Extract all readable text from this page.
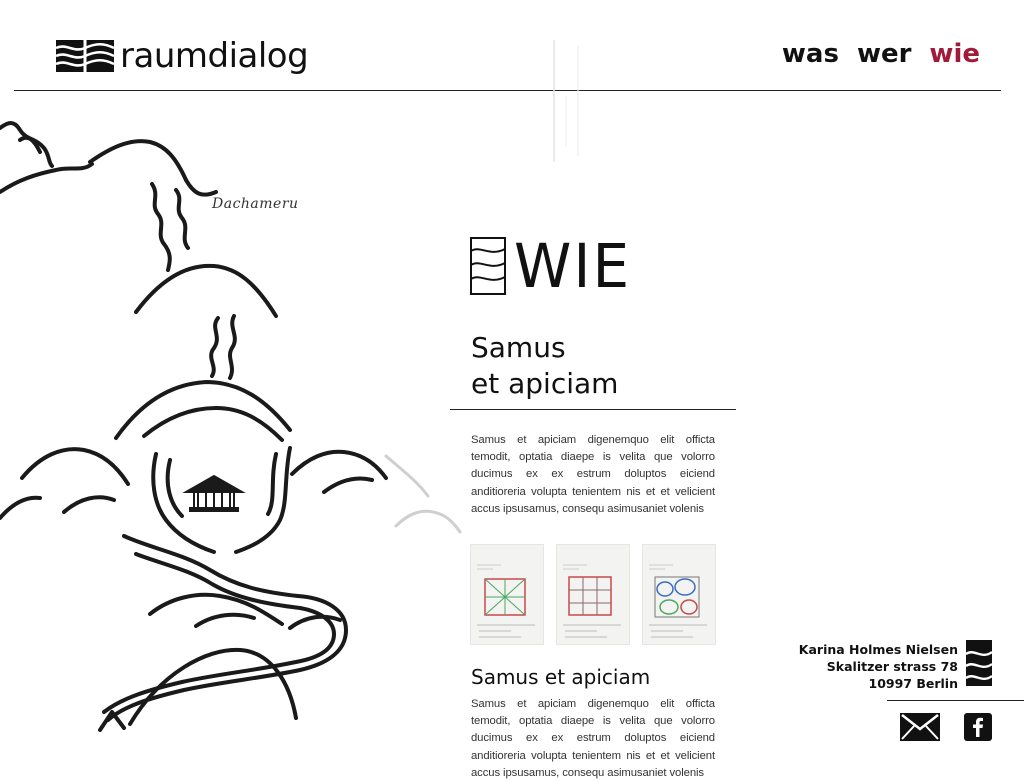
raumdialog	was wer wie
Dachameru
WIE
Samus
et apiciam

Samus et apiciam digenemquo elit officta temodit, optatia diaepe is velita que volorro ducimus ex ex estrum doluptos eiciend anditioreria volupta tenientem nis et et velicient accus ipsusamus, consequ asimusaniet volenis

Samus et apiciam

Samus et apiciam digenemquo elit officta temodit, optatia diaepe is velita que volorro ducimus ex ex estrum doluptos eiciend anditioreria volupta tenientem nis et et velicient accus ipsusamus, consequ asimusaniet volenis

Karina Holmes Nielsen
Skalitzer strass 78
10997 Berlin
